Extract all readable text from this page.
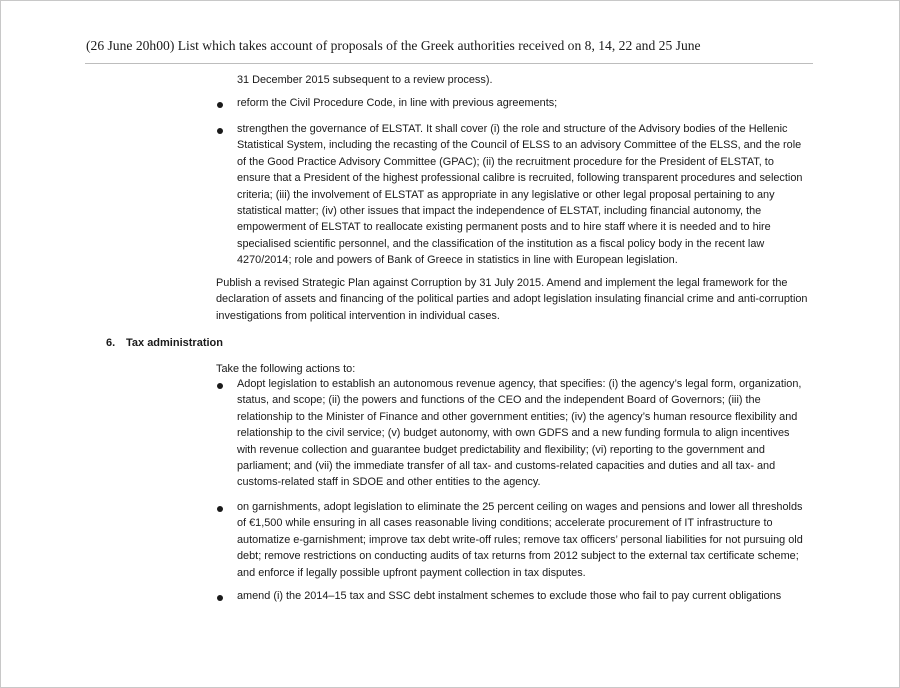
(26 June 20h00) List which takes account of proposals of the Greek authorities received on 8, 14, 22 and 25 June
31 December 2015 subsequent to a review process).
reform the Civil Procedure Code, in line with previous agreements;
strengthen the governance of ELSTAT. It shall cover (i) the role and structure of the Advisory bodies of the Hellenic Statistical System, including the recasting of the Council of ELSS to an advisory Committee of the ELSS, and the role of the Good Practice Advisory Committee (GPAC); (ii) the recruitment procedure for the President of ELSTAT, to ensure that a President of the highest professional calibre is recruited, following transparent procedures and selection criteria; (iii) the involvement of ELSTAT as appropriate in any legislative or other legal proposal pertaining to any statistical matter; (iv) other issues that impact the independence of ELSTAT, including financial autonomy, the empowerment of ELSTAT to reallocate existing permanent posts and to hire staff where it is needed and to hire specialised scientific personnel, and the classification of the institution as a fiscal policy body in the recent law 4270/2014; role and powers of Bank of Greece in statistics in line with European legislation.
Publish a revised Strategic Plan against Corruption by 31 July 2015. Amend and implement the legal framework for the declaration of assets and financing of the political parties and adopt legislation insulating financial crime and anti-corruption investigations from political intervention in individual cases.
6. Tax administration
Take the following actions to:
Adopt legislation to establish an autonomous revenue agency, that specifies: (i) the agency’s legal form, organization, status, and scope; (ii) the powers and functions of the CEO and the independent Board of Governors; (iii) the relationship to the Minister of Finance and other government entities; (iv) the agency’s human resource flexibility and relationship to the civil service; (v) budget autonomy, with own GDFS and a new funding formula to align incentives with revenue collection and guarantee budget predictability and flexibility; (vi) reporting to the government and parliament; and (vii) the immediate transfer of all tax- and customs-related capacities and duties and all tax- and customs-related staff in SDOE and other entities to the agency.
on garnishments, adopt legislation to eliminate the 25 percent ceiling on wages and pensions and lower all thresholds of €1,500 while ensuring in all cases reasonable living conditions; accelerate procurement of IT infrastructure to automatize e-garnishment; improve tax debt write-off rules; remove tax officers’ personal liabilities for not pursuing old debt; remove restrictions on conducting audits of tax returns from 2012 subject to the external tax certificate scheme; and enforce if legally possible upfront payment collection in tax disputes.
amend (i) the 2014–15 tax and SSC debt instalment schemes to exclude those who fail to pay current obligations
